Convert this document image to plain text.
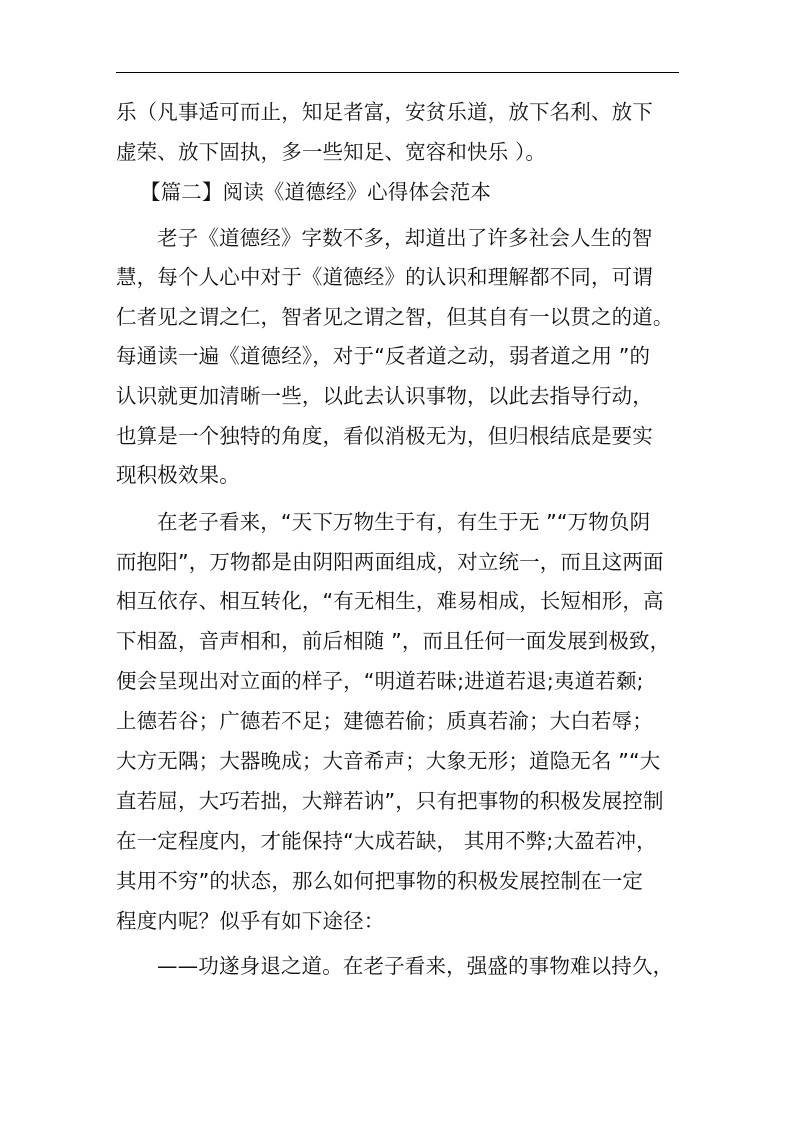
乐（凡事适可而止，知足者富，安贫乐道，放下名利、放下
虚荣、放下固执，多一些知足、宽容和快乐 ）。
【篇二】阅读《道德经》心得体会范本
老子《道德经》字数不多，却道出了许多社会人生的智
慧，每个人心中对于《道德经》的认识和理解都不同，可谓
仁者见之谓之仁，智者见之谓之智，但其自有一以贯之的道。
每通读一遍《道德经》，对于“反者道之动，弱者道之用 ”的
认识就更加清晰一些，以此去认识事物，以此去指导行动，
也算是一个独特的角度，看似消极无为，但归根结底是要实
现积极效果。
在老子看来，“天下万物生于有，有生于无 ”“万物负阴
而抱阳”，万物都是由阴阳两面组成，对立统一，而且这两面
相互依存、相互转化，“有无相生，难易相成，长短相形，高
下相盈，音声相和，前后相随 ”，而且任何一面发展到极致，
便会呈现出对立面的样子，“明道若昧;进道若退;夷道若颡;
上德若谷；广德若不足；建德若偷；质真若渝；大白若辱；
大方无隅；大器晚成；大音希声；大象无形；道隐无名 ”“大
直若屈，大巧若拙，大辩若讷”，只有把事物的积极发展控制
在一定程度内，才能保持“大成若缺， 其用不弊;大盈若冲，
其用不穷”的状态，那么如何把事物的积极发展控制在一定
程度内呢？似乎有如下途径：
——功遂身退之道。在老子看来，强盛的事物难以持久，
